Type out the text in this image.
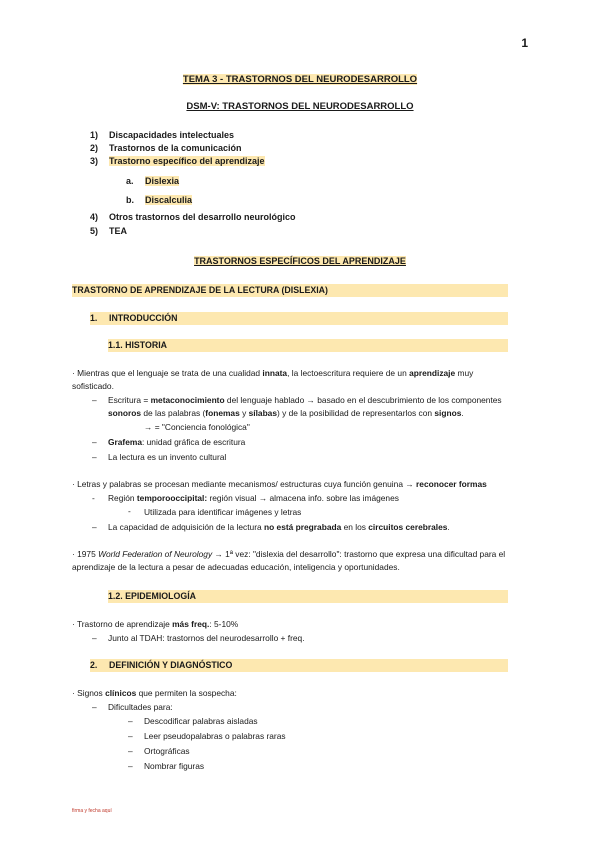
1
TEMA 3 - TRASTORNOS DEL NEURODESARROLLO
DSM-V: TRASTORNOS DEL NEURODESARROLLO
1) Discapacidades intelectuales
2) Trastornos de la comunicación
3) Trastorno específico del aprendizaje
a. Dislexia
b. Discalculia
4) Otros trastornos del desarrollo neurológico
5) TEA
TRASTORNOS ESPECÍFICOS DEL APRENDIZAJE
TRASTORNO DE APRENDIZAJE DE LA LECTURA (DISLEXIA)
1. INTRODUCCIÓN
1.1. HISTORIA
· Mientras que el lenguaje se trata de una cualidad innata, la lectoescritura requiere de un aprendizaje muy
sofisticado.
– Escritura = metaconocimiento del lenguaje hablado → basado en el descubrimiento de los componentes
sonoros de las palabras (fonemas y sílabas) y de la posibilidad de representarlos con signos.
→ = "Conciencia fonológica"
– Grafema: unidad gráfica de escritura
– La lectura es un invento cultural
· Letras y palabras se procesan mediante mecanismos/ estructuras cuya función genuina → reconocer formas
- Región temporooccipital: región visual → almacena info. sobre las imágenes
- Utilizada para identificar imágenes y letras
– La capacidad de adquisición de la lectura no está pregrabada en los circuitos cerebrales.
· 1975 World Federation of Neurology → 1ª vez: "dislexia del desarrollo": trastorno que expresa una dificultad para el
aprendizaje de la lectura a pesar de adecuadas educación, inteligencia y oportunidades.
1.2. EPIDEMIOLOGÍA
· Trastorno de aprendizaje más freq.: 5-10%
– Junto al TDAH: trastornos del neurodesarrollo + freq.
2. DEFINICIÓN Y DIAGNÓSTICO
· Signos clínicos que permiten la sospecha:
– Dificultades para:
– Descodificar palabras aisladas
– Leer pseudopalabras o palabras raras
– Ortográficas
– Nombrar figuras
firma y fecha aquí
